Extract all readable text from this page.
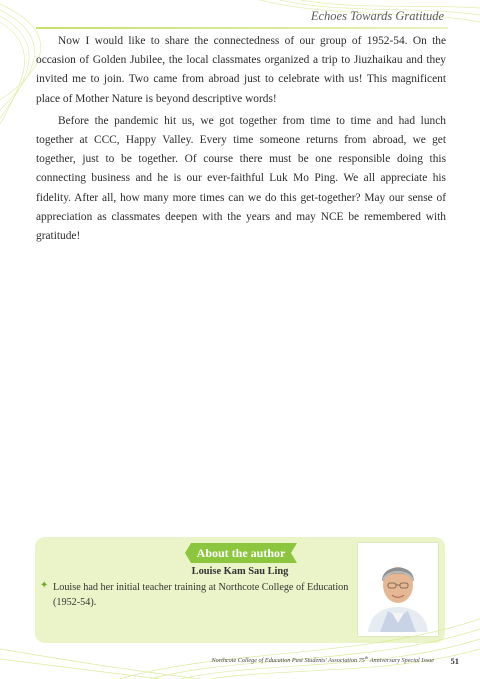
Echoes Towards Gratitude

Now I would like to share the connectedness of our group of 1952-54. On the occasion of Golden Jubilee, the local classmates organized a trip to Jiuzhaikau and they invited me to join. Two came from abroad just to celebrate with us! This magnificent place of Mother Nature is beyond descriptive words!

Before the pandemic hit us, we got together from time to time and had lunch together at CCC, Happy Valley. Every time someone returns from abroad, we get together, just to be together. Of course there must be one responsible doing this connecting business and he is our ever-faithful Luk Mo Ping. We all appreciate his fidelity. After all, how many more times can we do this get-together? May our sense of appreciation as classmates deepen with the years and may NCE be remembered with gratitude!

About the author
Louise Kam Sau Ling
✦ Louise had her initial teacher training at Northcote College of Education (1952-54).
Northcote College of Education Past Students' Association 75th Anniversary Special Issue 51
